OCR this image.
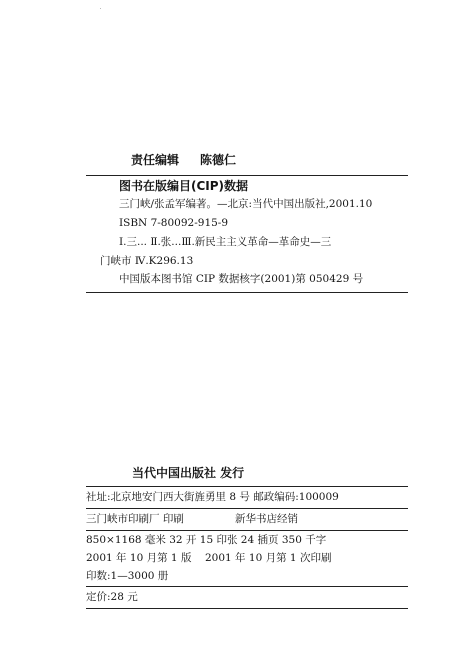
责任编辑 陈德仁
图书在版编目(CIP)数据
三门峡/张孟军编著。—北京:当代中国出版社,2001.10
ISBN 7-80092-915-9
Ⅰ.三... Ⅱ.张...Ⅲ.新民主主义革命—革命史—三
门峡市 Ⅳ.K296.13
中国版本图书馆 CIP 数据核字(2001)第 050429 号
当代中国出版社 发行
社址:北京地安门西大街旌勇里 8 号 邮政编码:100009
三门峡市印刷厂 印刷	新华书店经销
850×1168 毫米 32 开 15 印张 24 插页 350 千字
2001 年 10 月第 1 版 2001 年 10 月第 1 次印刷
印数:1—3000 册
定价:28 元
